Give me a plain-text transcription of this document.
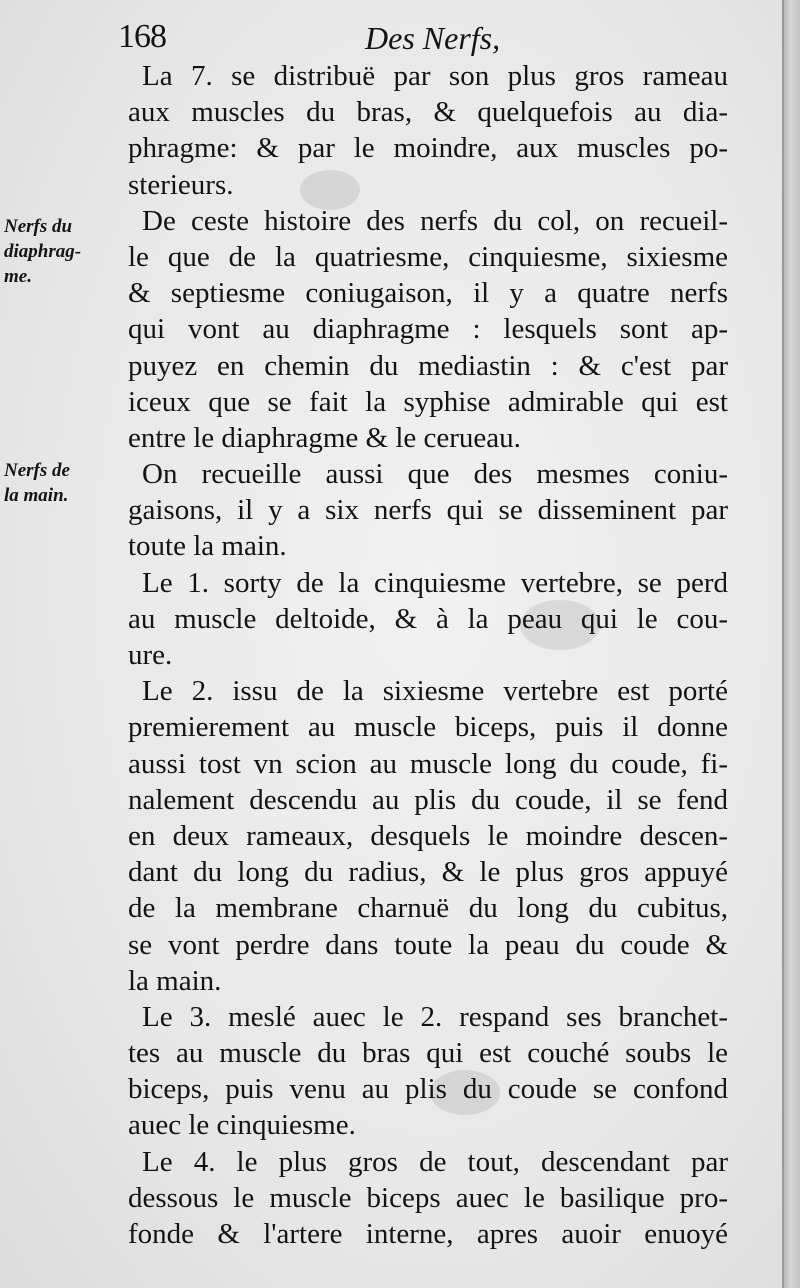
168	Des Nerfs,
Nerfs du
diaphrag-
me.
Nerfs de
la main.
La 7. se distribuë par son plus gros rameau
aux muscles du bras, & quelquefois au dia-
phragme: & par le moindre, aux muscles po-
sterieurs.
De ceste histoire des nerfs du col, on recueil-
le que de la quatriesme, cinquiesme, sixiesme
& septiesme coniugaison, il y a quatre nerfs
qui vont au diaphragme : lesquels sont ap-
puyez en chemin du mediastin : & c'est par
iceux que se fait la syphise admirable qui est
entre le diaphragme & le cerueau.
On recueille aussi que des mesmes coniu-
gaisons, il y a six nerfs qui se disseminent par
toute la main.
Le 1. sorty de la cinquiesme vertebre, se perd
au muscle deltoide, & à la peau qui le cou-
ure.
Le 2. issu de la sixiesme vertebre est porté
premierement au muscle biceps, puis il donne
aussi tost vn scion au muscle long du coude, fi-
nalement descendu au plis du coude, il se fend
en deux rameaux, desquels le moindre descen-
dant du long du radius, & le plus gros appuyé
de la membrane charnuë du long du cubitus,
se vont perdre dans toute la peau du coude &
la main.
Le 3. meslé auec le 2. respand ses branchet-
tes au muscle du bras qui est couché soubs le
biceps, puis venu au plis du coude se confond
auec le cinquiesme.
Le 4. le plus gros de tout, descendant par
dessous le muscle biceps auec le basilique pro-
fonde & l'artere interne, apres auoir enuoyé
